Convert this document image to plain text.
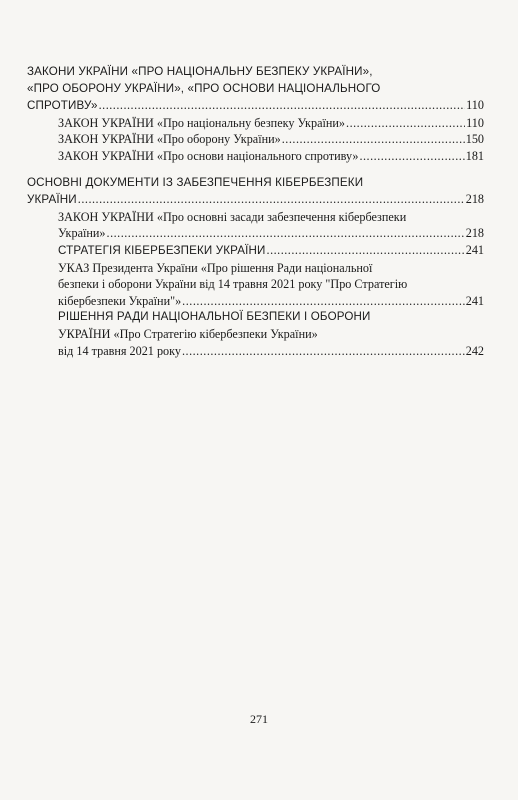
ЗАКОНИ УКРАЇНИ «ПРО НАЦІОНАЛЬНУ БЕЗПЕКУ УКРАЇНИ»,
«ПРО ОБОРОНУ УКРАЇНИ», «ПРО ОСНОВИ НАЦІОНАЛЬНОГО
СПРОТИВУ» .....	110
ЗАКОН УКРАЇНИ «Про національну безпеку України» .....	110
ЗАКОН УКРАЇНИ «Про оборону України» .....	150
ЗАКОН УКРАЇНИ «Про основи національного спротиву» .....	181
ОСНОВНІ ДОКУМЕНТИ ІЗ ЗАБЕЗПЕЧЕННЯ КІБЕРБЕЗПЕКИ
УКРАЇНИ .....	218
ЗАКОН УКРАЇНИ «Про основні засади забезпечення кібербезпеки
України» .....	218
СТРАТЕГІЯ КІБЕРБЕЗПЕКИ УКРАЇНИ .....	241
УКАЗ Президента України «Про рішення Ради національної
безпеки і оборони України від 14 травня 2021 року "Про Стратегію
кібербезпеки України"» .....	241
РІШЕННЯ РАДИ НАЦІОНАЛЬНОЇ БЕЗПЕКИ І ОБОРОНИ
УКРАЇНИ «Про Стратегію кібербезпеки України»
від 14 травня 2021 року .....	242
271
